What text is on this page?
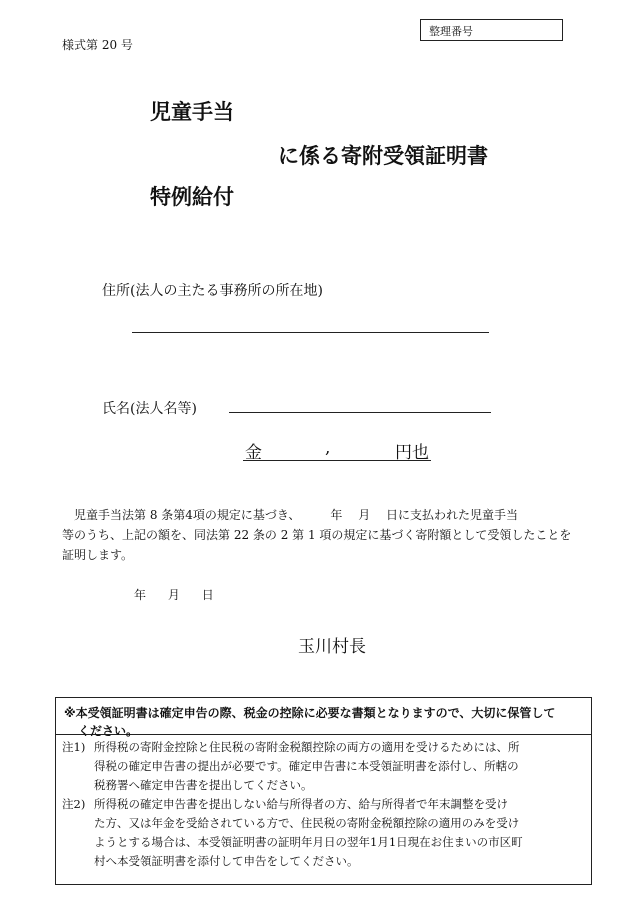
様式第 20 号
整理番号
児童手当
に係る寄附受領証明書
特例給付
住所(法人の主たる事務所の所在地)
氏名(法人名等)
金	,	円也

児童手当法第 8 条第4項の規定に基づき、　　　年　 月　 日に支払われた児童手当

等のうち、上記の額を、同法第 22 条の 2 第 1 項の規定に基づく寄附額として受領したことを

証明します。

年 月 日
玉川村長
※本受領証明書は確定申告の際、税金の控除に必要な書類となりますので、大切に保管して
ください。
注1) 所得税の寄附金控除と住民税の寄附金税額控除の両方の適用を受けるためには、所
得税の確定申告書の提出が必要です。確定申告書に本受領証明書を添付し、所轄の
税務署へ確定申告書を提出してください。
注2) 所得税の確定申告書を提出しない給与所得者の方、給与所得者で年末調整を受け
た方、又は年金を受給されている方で、住民税の寄附金税額控除の適用のみを受け
ようとする場合は、本受領証明書の証明年月日の翌年1月1日現在お住まいの市区町
村へ本受領証明書を添付して申告をしてください。
